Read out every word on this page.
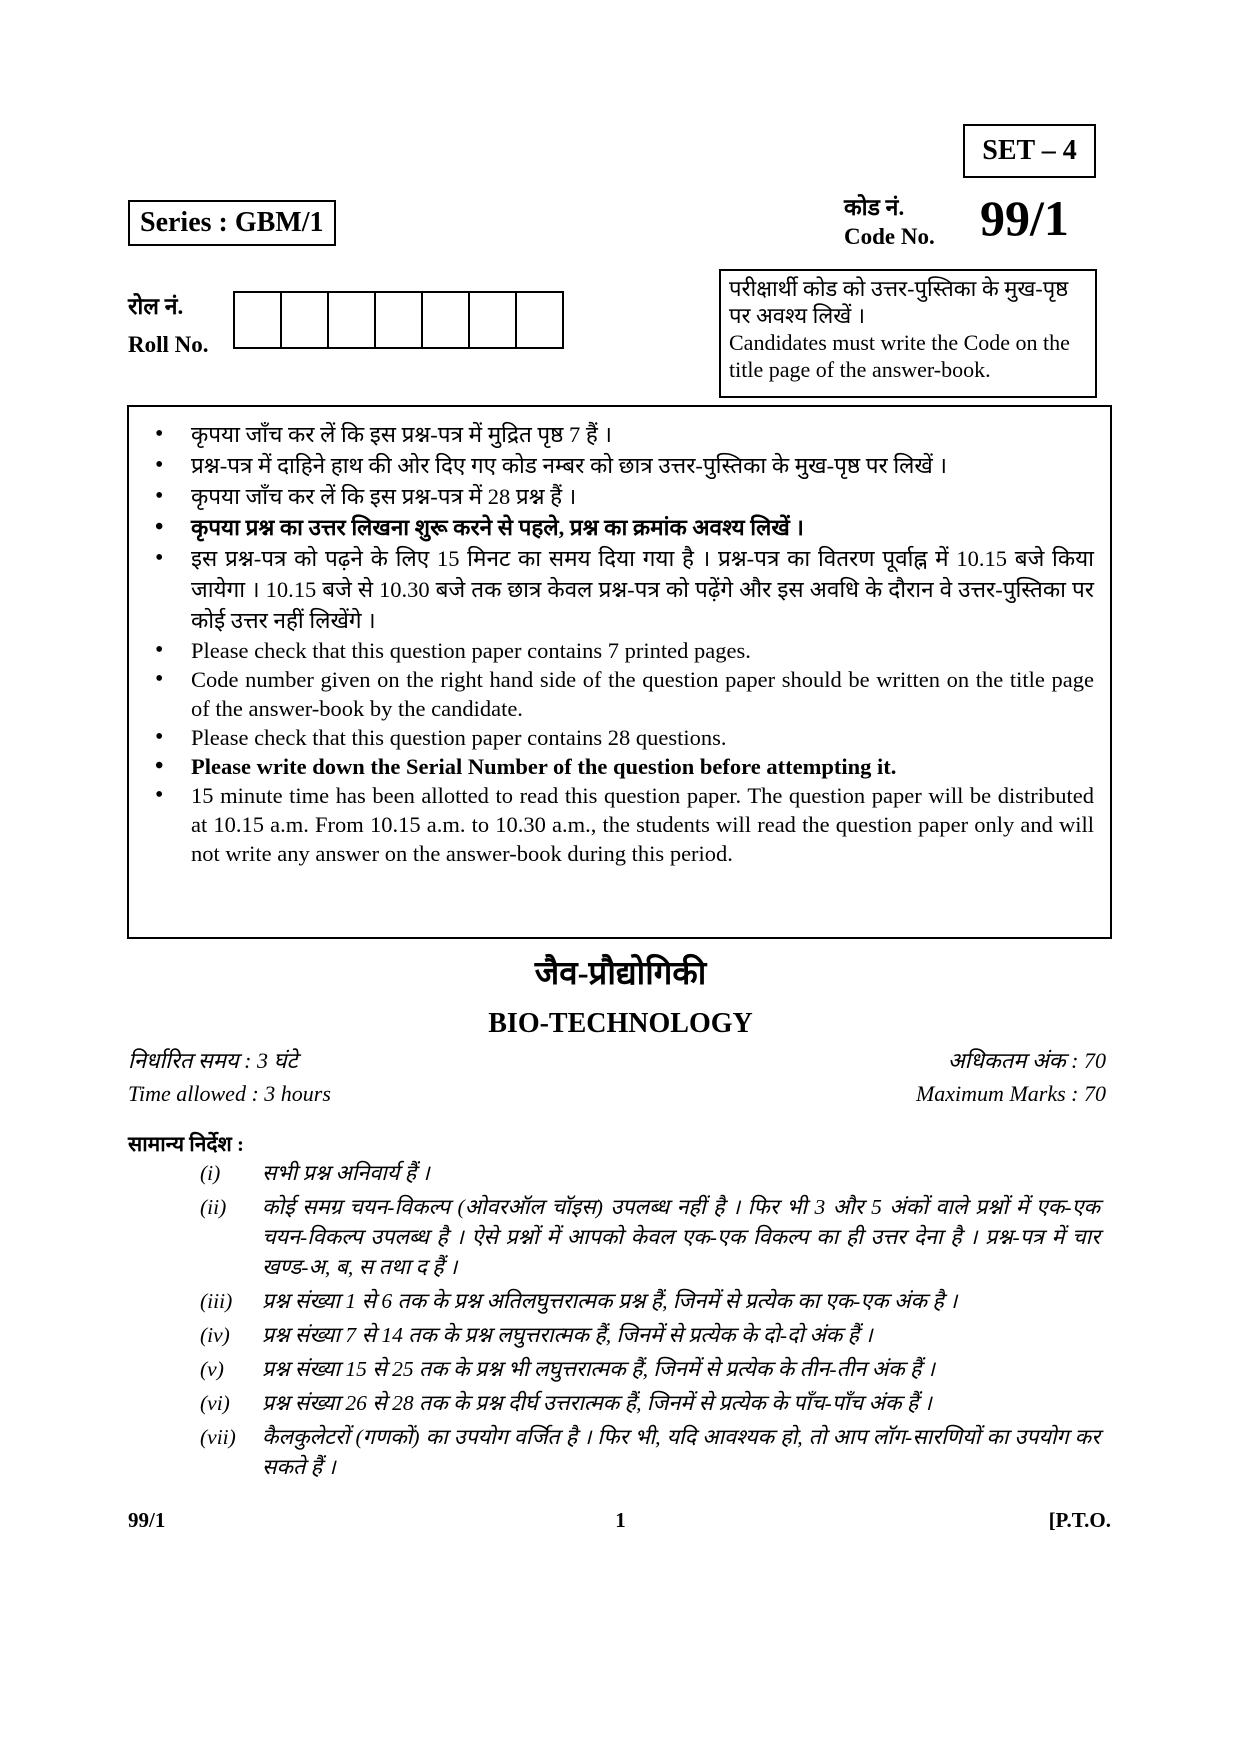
SET – 4
Series : GBM/1	कोड नं.
Code No. 99/1
रोल नं.
Roll No.
परीक्षार्थी कोड को उत्तर-पुस्तिका के मुख-पृष्ठ पर अवश्य लिखें ।
Candidates must write the Code on the title page of the answer-book.
• कृपया जाँच कर लें कि इस प्रश्न-पत्र में मुद्रित पृष्ठ 7 हैं ।
• प्रश्न-पत्र में दाहिने हाथ की ओर दिए गए कोड नम्बर को छात्र उत्तर-पुस्तिका के मुख-पृष्ठ पर लिखें ।
• कृपया जाँच कर लें कि इस प्रश्न-पत्र में 28 प्रश्न हैं ।
• कृपया प्रश्न का उत्तर लिखना शुरू करने से पहले, प्रश्न का क्रमांक अवश्य लिखें ।
• इस प्रश्न-पत्र को पढ़ने के लिए 15 मिनट का समय दिया गया है । प्रश्न-पत्र का वितरण पूर्वाह्न में 10.15 बजे किया जायेगा । 10.15 बजे से 10.30 बजे तक छात्र केवल प्रश्न-पत्र को पढ़ेंगे और इस अवधि के दौरान वे उत्तर-पुस्तिका पर कोई उत्तर नहीं लिखेंगे ।
• Please check that this question paper contains 7 printed pages.
• Code number given on the right hand side of the question paper should be written on the title page of the answer-book by the candidate.
• Please check that this question paper contains 28 questions.
• Please write down the Serial Number of the question before attempting it.
• 15 minute time has been allotted to read this question paper. The question paper will be distributed at 10.15 a.m. From 10.15 a.m. to 10.30 a.m., the students will read the question paper only and will not write any answer on the answer-book during this period.
जैव-प्रौद्योगिकी
BIO-TECHNOLOGY
निर्धारित समय : 3 घंटे
Time allowed : 3 hours
अधिकतम अंक : 70
Maximum Marks : 70
सामान्य निर्देश :
(i)	सभी प्रश्न अनिवार्य हैं ।
(ii)	कोई समग्र चयन-विकल्प (ओवरऑल चॉइस) उपलब्ध नहीं है । फिर भी 3 और 5 अंकों वाले प्रश्नों में एक-एक चयन-विकल्प उपलब्ध है । ऐसे प्रश्नों में आपको केवल एक-एक विकल्प का ही उत्तर देना है । प्रश्न-पत्र में चार खण्ड-अ, ब, स तथा द हैं ।
(iii)	प्रश्न संख्या 1 से 6 तक के प्रश्न अतिलघुत्तरात्मक प्रश्न हैं, जिनमें से प्रत्येक का एक-एक अंक है ।
(iv)	प्रश्न संख्या 7 से 14 तक के प्रश्न लघुत्तरात्मक हैं, जिनमें से प्रत्येक के दो-दो अंक हैं ।
(v)	प्रश्न संख्या 15 से 25 तक के प्रश्न भी लघुत्तरात्मक हैं, जिनमें से प्रत्येक के तीन-तीन अंक हैं ।
(vi)	प्रश्न संख्या 26 से 28 तक के प्रश्न दीर्घ उत्तरात्मक हैं, जिनमें से प्रत्येक के पाँच-पाँच अंक हैं ।
(vii)	कैलकुलेटरों (गणकों) का उपयोग वर्जित है । फिर भी, यदि आवश्यक हो, तो आप लॉग-सारणियों का उपयोग कर सकते हैं ।
99/1	1	[P.T.O.
